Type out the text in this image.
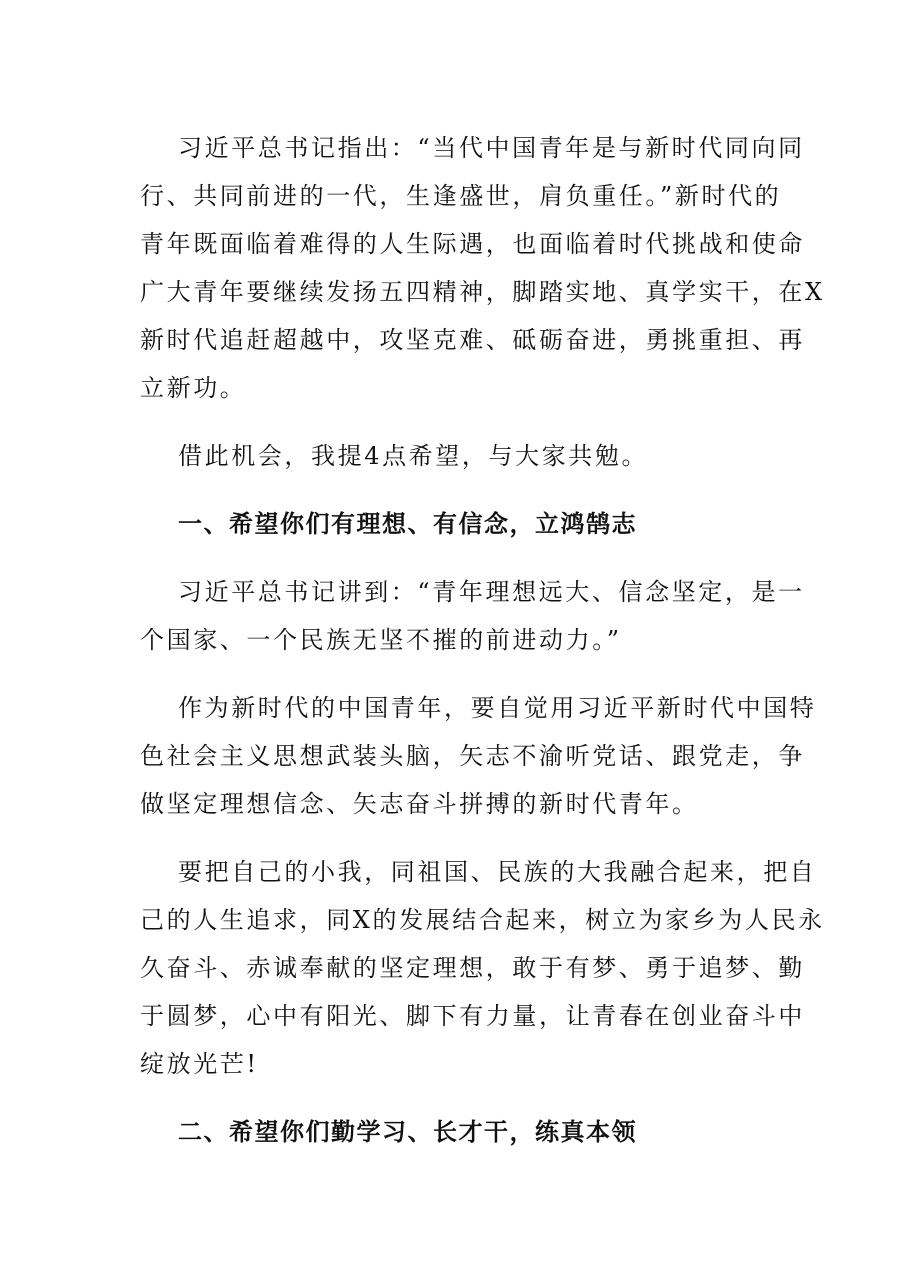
习近平总书记指出：“当代中国青年是与新时代同向同
行、共同前进的一代，生逢盛世，肩负重任。”新时代的
青年既面临着难得的人生际遇，也面临着时代挑战和使命
广大青年要继续发扬五四精神，脚踏实地、真学实干，在X
新时代追赶超越中，攻坚克难、砥砺奋进，勇挑重担、再
立新功。
借此机会，我提4点希望，与大家共勉。
一、希望你们有理想、有信念，立鸿鹄志
习近平总书记讲到：“青年理想远大、信念坚定，是一
个国家、一个民族无坚不摧的前进动力。”
作为新时代的中国青年，要自觉用习近平新时代中国特
色社会主义思想武装头脑，矢志不渝听党话、跟党走，争
做坚定理想信念、矢志奋斗拼搏的新时代青年。
要把自己的小我，同祖国、民族的大我融合起来，把自
己的人生追求，同X的发展结合起来，树立为家乡为人民永
久奋斗、赤诚奉献的坚定理想，敢于有梦、勇于追梦、勤
于圆梦，心中有阳光、脚下有力量，让青春在创业奋斗中
绽放光芒!
二、希望你们勤学习、长才干，练真本领
